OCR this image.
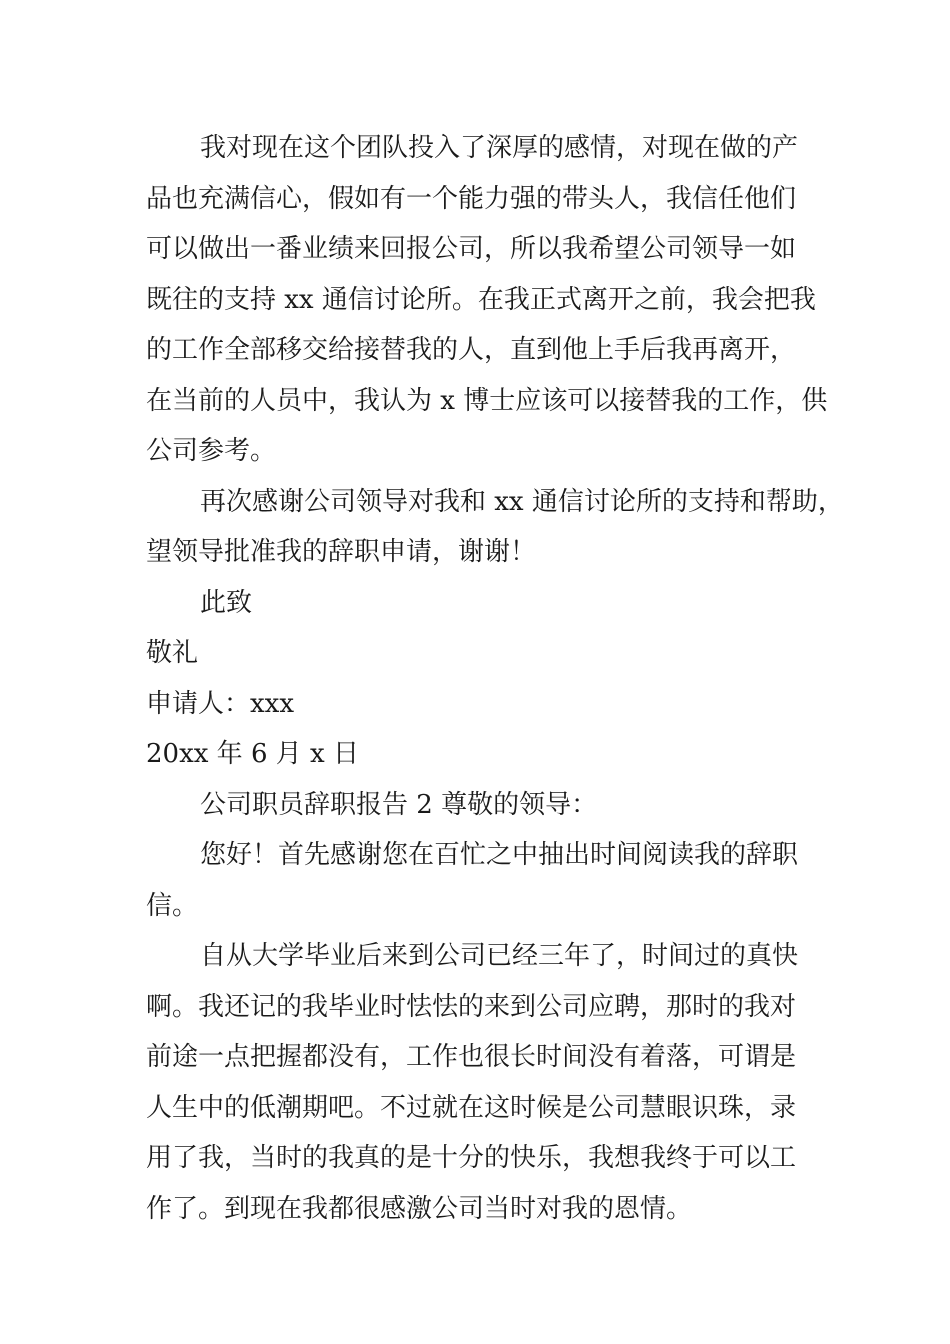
我对现在这个团队投入了深厚的感情，对现在做的产
品也充满信心，假如有一个能力强的带头人，我信任他们
可以做出一番业绩来回报公司，所以我希望公司领导一如
既往的支持 xx 通信讨论所。在我正式离开之前，我会把我
的工作全部移交给接替我的人，直到他上手后我再离开，
在当前的人员中，我认为 x 博士应该可以接替我的工作，供
公司参考。
再次感谢公司领导对我和 xx 通信讨论所的支持和帮助，
望领导批准我的辞职申请，谢谢！
此致
敬礼
申请人：xxx
20xx 年 6 月 x 日
公司职员辞职报告 2 尊敬的领导：
您好！首先感谢您在百忙之中抽出时间阅读我的辞职
信。
自从大学毕业后来到公司已经三年了，时间过的真快
啊。我还记的我毕业时怯怯的来到公司应聘，那时的我对
前途一点把握都没有，工作也很长时间没有着落，可谓是
人生中的低潮期吧。不过就在这时候是公司慧眼识珠，录
用了我，当时的我真的是十分的快乐，我想我终于可以工
作了。到现在我都很感激公司当时对我的恩情。
